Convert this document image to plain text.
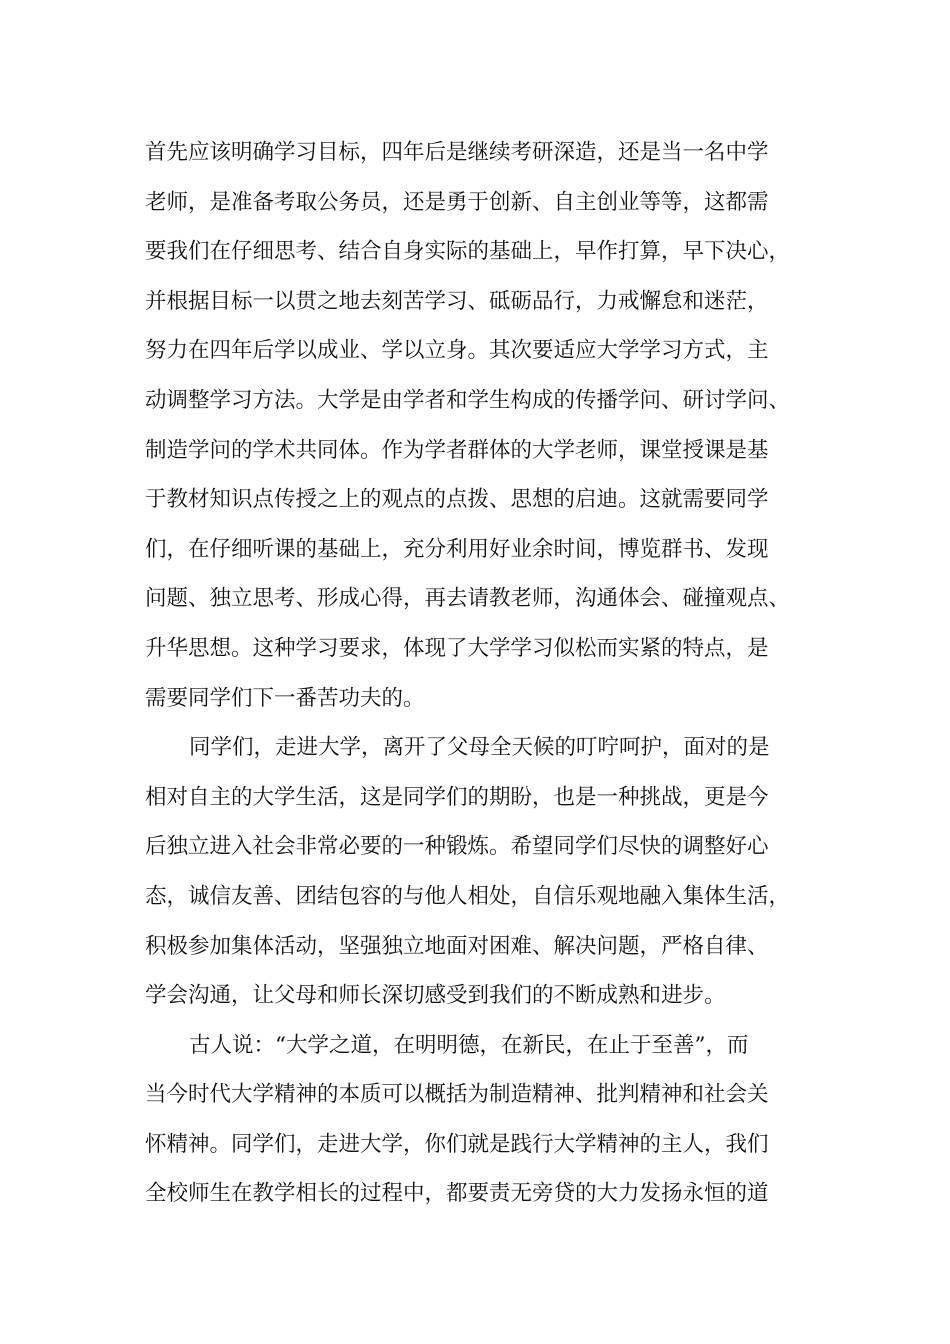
首先应该明确学习目标，四年后是继续考研深造，还是当一名中学
老师，是准备考取公务员，还是勇于创新、自主创业等等，这都需
要我们在仔细思考、结合自身实际的基础上，早作打算，早下决心，
并根据目标一以贯之地去刻苦学习、砥砺品行，力戒懈怠和迷茫，
努力在四年后学以成业、学以立身。其次要适应大学学习方式，主
动调整学习方法。大学是由学者和学生构成的传播学问、研讨学问、
制造学问的学术共同体。作为学者群体的大学老师，课堂授课是基
于教材知识点传授之上的观点的点拨、思想的启迪。这就需要同学
们，在仔细听课的基础上，充分利用好业余时间，博览群书、发现
问题、独立思考、形成心得，再去请教老师，沟通体会、碰撞观点、
升华思想。这种学习要求，体现了大学学习似松而实紧的特点，是
需要同学们下一番苦功夫的。
同学们，走进大学，离开了父母全天候的叮咛呵护，面对的是
相对自主的大学生活，这是同学们的期盼，也是一种挑战，更是今
后独立进入社会非常必要的一种锻炼。希望同学们尽快的调整好心
态，诚信友善、团结包容的与他人相处，自信乐观地融入集体生活，
积极参加集体活动，坚强独立地面对困难、解决问题，严格自律、
学会沟通，让父母和师长深切感受到我们的不断成熟和进步。
古人说：“大学之道，在明明德，在新民，在止于至善”，而
当今时代大学精神的本质可以概括为制造精神、批判精神和社会关
怀精神。同学们，走进大学，你们就是践行大学精神的主人，我们
全校师生在教学相长的过程中，都要责无旁贷的大力发扬永恒的道
